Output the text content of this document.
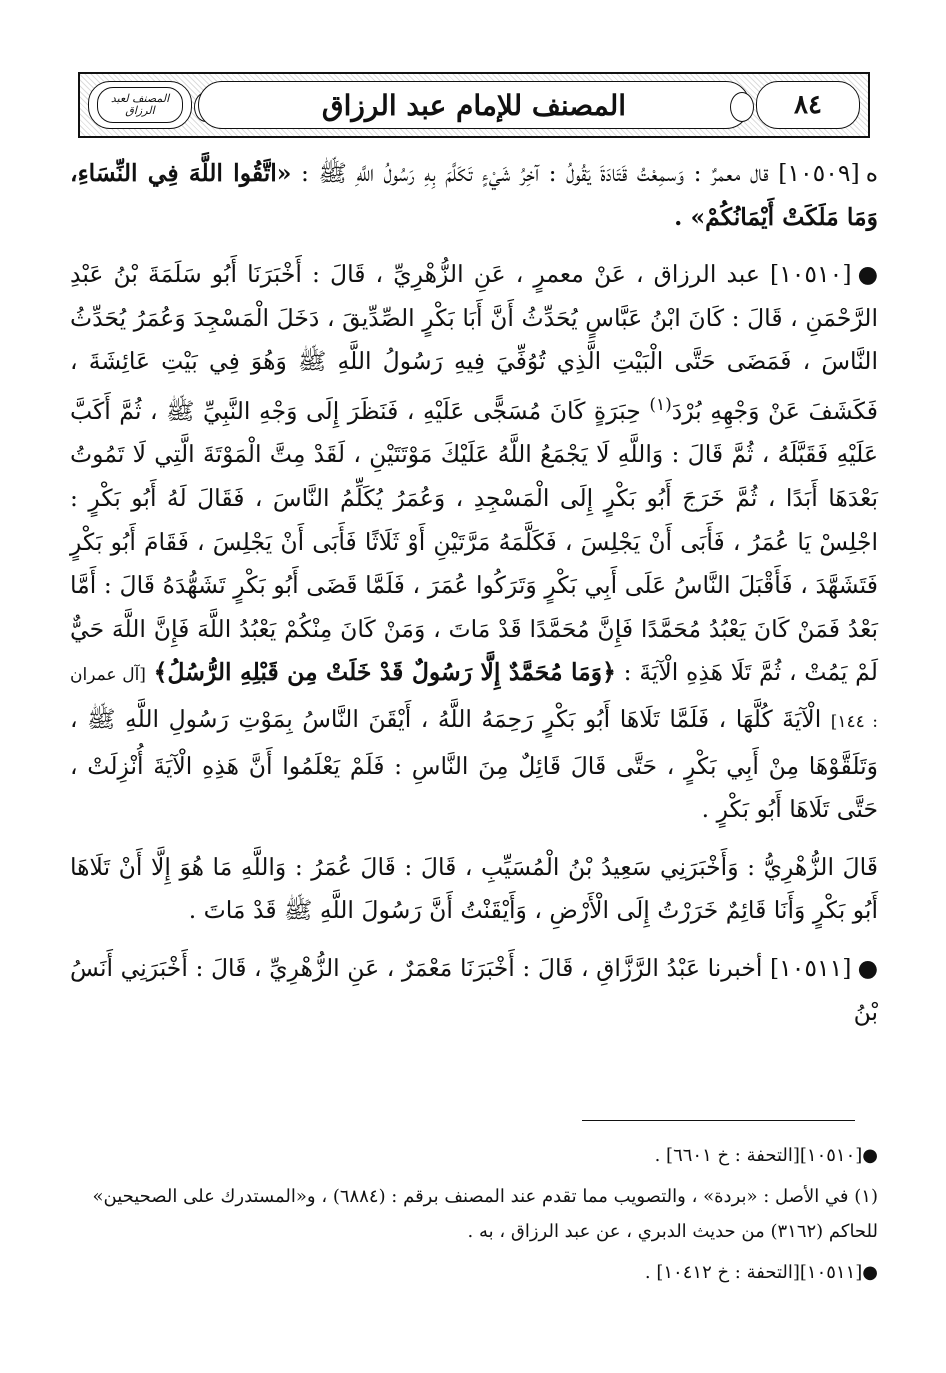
المصنف لعبد الرزاق	المصنف للإمام عبد الرزاق	٨٤

ه[١٠٥٠٩] قال معمرٌ : وَسمِعْتُ قَتَادَةَ يَقُولُ : آخِرُ شَيْءٍ تَكَلَّمَ بِهِ رَسُولُ اللَّهِ ﷺ : «اتَّقُوا اللَّهَ فِي النِّسَاءِ، وَمَا مَلَكَتْ أَيْمَانُكُمْ» .

●[١٠٥١٠] عبد الرزاق ، عَنْ معمرٍ ، عَنِ الزُّهْرِيِّ ، قَالَ : أَخْبَرَنَا أَبُو سَلَمَةَ بْنُ عَبْدِ الرَّحْمَنِ ، قَالَ : كَانَ ابْنُ عَبَّاسٍ يُحَدِّثُ أَنَّ أَبَا بَكْرٍ الصِّدِّيقَ ، دَخَلَ الْمَسْجِدَ وَعُمَرُ يُحَدِّثُ النَّاسَ ، فَمَضَى حَتَّى الْبَيْتِ الَّذِي تُوُفِّيَ فِيهِ رَسُولُ اللَّهِ ﷺ وَهُوَ فِي بَيْتِ عَائِشَةَ ، فَكَشَفَ عَنْ وَجْهِهِ بُرْدَ$^{(١)}$ حِبَرَةٍ كَانَ مُسَجًّى عَلَيْهِ ، فَنَظَرَ إِلَى وَجْهِ النَّبِيِّ ﷺ ، ثُمَّ أَكَبَّ عَلَيْهِ فَقَبَّلَهُ ، ثُمَّ قَالَ : وَاللَّهِ لَا يَجْمَعُ اللَّهُ عَلَيْكَ مَوْتَتَيْنِ ، لَقَدْ مِتَّ الْمَوْتَةَ الَّتِي لَا تَمُوتُ بَعْدَهَا أَبَدًا ، ثُمَّ خَرَجَ أَبُو بَكْرٍ إِلَى الْمَسْجِدِ ، وَعُمَرُ يُكَلِّمُ النَّاسَ ، فَقَالَ لَهُ أَبُو بَكْرٍ : اجْلِسْ يَا عُمَرُ ، فَأَبَى أَنْ يَجْلِسَ ، فَكَلَّمَهُ مَرَّتَيْنِ أَوْ ثَلَاثًا فَأَبَى أَنْ يَجْلِسَ ، فَقَامَ أَبُو بَكْرٍ فَتَشَهَّدَ ، فَأَقْبَلَ النَّاسُ عَلَى أَبِي بَكْرٍ وَتَرَكُوا عُمَرَ ، فَلَمَّا قَضَى أَبُو بَكْرٍ تَشَهُّدَهُ قَالَ : أَمَّا بَعْدُ فَمَنْ كَانَ يَعْبُدُ مُحَمَّدًا فَإِنَّ مُحَمَّدًا قَدْ مَاتَ ، وَمَنْ كَانَ مِنْكُمْ يَعْبُدُ اللَّهَ فَإِنَّ اللَّهَ حَيٌّ لَمْ يَمُتْ ، ثُمَّ تَلَا هَذِهِ الْآيَةَ : ﴿وَمَا مُحَمَّدٌ إِلَّا رَسُولٌ قَدْ خَلَتْ مِن قَبْلِهِ الرُّسُلُ﴾ [آل عمران : ١٤٤] الْآيَةَ كُلَّهَا ، فَلَمَّا تَلَاهَا أَبُو بَكْرٍ رَحِمَهُ اللَّهُ ، أَيْقَنَ النَّاسُ بِمَوْتِ رَسُولِ اللَّهِ ﷺ ، وَتَلَقَّوْهَا مِنْ أَبِي بَكْرٍ ، حَتَّى قَالَ قَائِلٌ مِنَ النَّاسِ : فَلَمْ يَعْلَمُوا أَنَّ هَذِهِ الْآيَةَ أُنْزِلَتْ ، حَتَّى تَلَاهَا أَبُو بَكْرٍ .

قَالَ الزُّهْرِيُّ : وَأَخْبَرَنِي سَعِيدُ بْنُ الْمُسَيِّبِ ، قَالَ : قَالَ عُمَرُ : وَاللَّهِ مَا هُوَ إِلَّا أَنْ تَلَاهَا أَبُو بَكْرٍ وَأَنَا قَائِمٌ خَرَرْتُ إِلَى الْأَرْضِ ، وَأَيْقَنْتُ أَنَّ رَسُولَ اللَّهِ ﷺ قَدْ مَاتَ .

●[١٠٥١١] أخبرنا عَبْدُ الرَّزَّاقِ ، قَالَ : أَخْبَرَنَا مَعْمَرٌ ، عَنِ الزُّهْرِيِّ ، قَالَ : أَخْبَرَنِي أَنَسُ بْنُ

●[١٠٥١٠][التحفة : خ ٦٦٠١] .

(١) في الأصل : «بردة» ، والتصويب مما تقدم عند المصنف برقم : (٦٨٨٤) ، و«المستدرك على الصحيحين» للحاكم (٣١٦٢) من حديث الدبري ، عن عبد الرزاق ، به .

●[١٠٥١١][التحفة : خ ١٠٤١٢] .
